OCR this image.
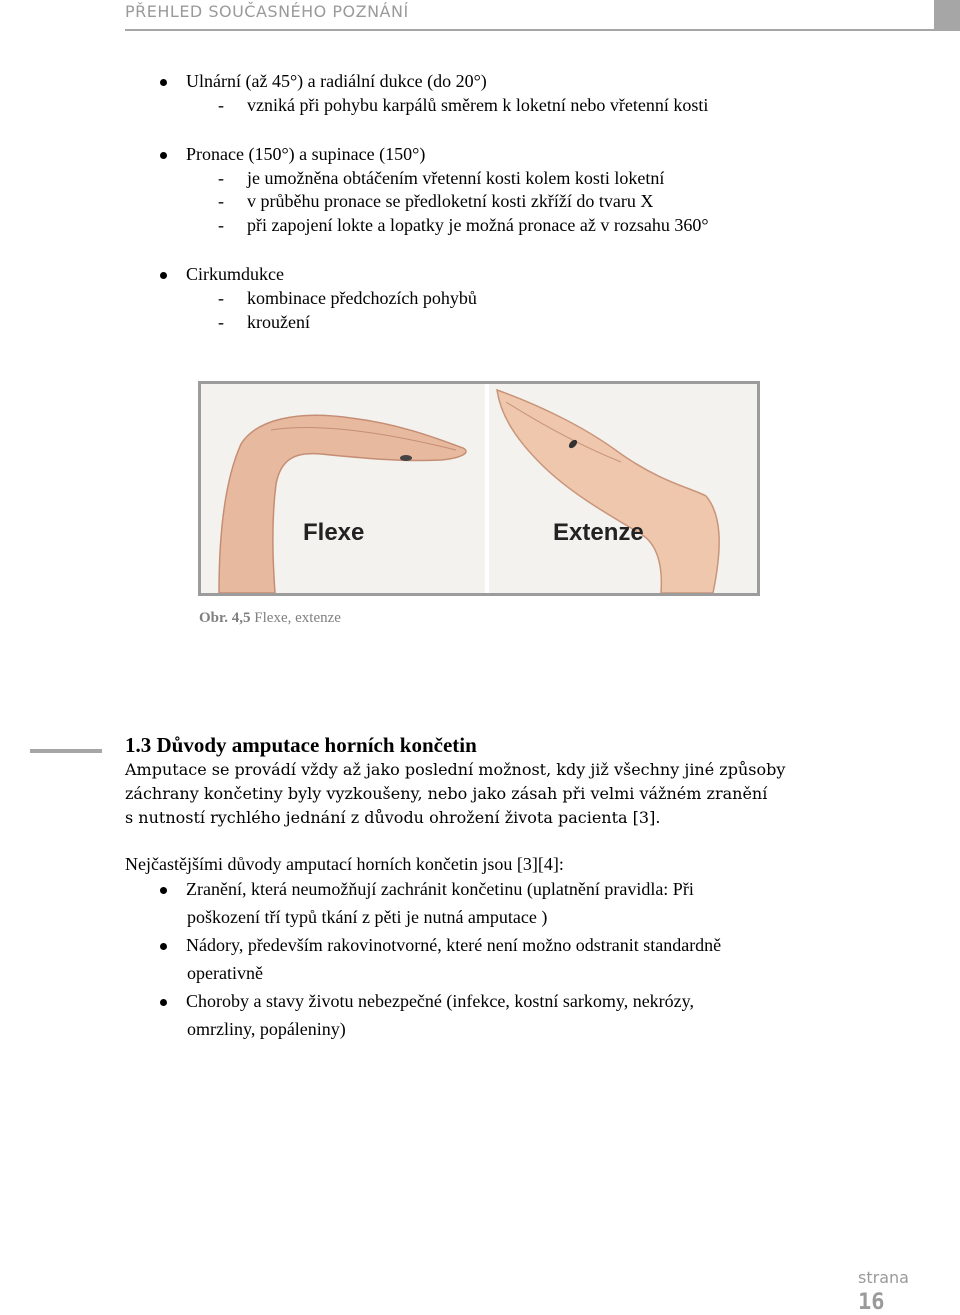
PŘEHLED SOUČASNÉHO POZNÁNÍ
Ulnární (až 45°) a radiální dukce (do 20°)
- vzniká při pohybu karpálů směrem k loketní nebo vřetenní kosti
Pronace (150°) a supinace (150°)
- je umožněna obtáčením vřetenní kosti kolem kosti loketní
- v průběhu pronace se předloketní kosti zkříží do tvaru X
- při zapojení lokte a lopatky je možná pronace až v rozsahu 360°
Cirkumdukce
- kombinace předchozích pohybů
- kroužení
Flexe	Extenze
Obr. 4,5 Flexe, extenze
1.3 Důvody amputace horních končetin
Amputace se provádí vždy až jako poslední možnost, kdy již všechny jiné způsoby
záchrany končetiny byly vyzkoušeny, nebo jako zásah při velmi vážném zranění
s nutností rychlého jednání z důvodu ohrožení života pacienta [3].
Nejčastějšími důvody amputací horních končetin jsou [3][4]:
Zranění, která neumožňují zachránit končetinu (uplatnění pravidla: Při
poškození tří typů tkání z pěti je nutná amputace )
Nádory, především rakovinotvorné, které není možno odstranit standardně
operativně
Choroby a stavy životu nebezpečné (infekce, kostní sarkomy, nekrózy,
omrzliny, popáleniny)
strana
16
